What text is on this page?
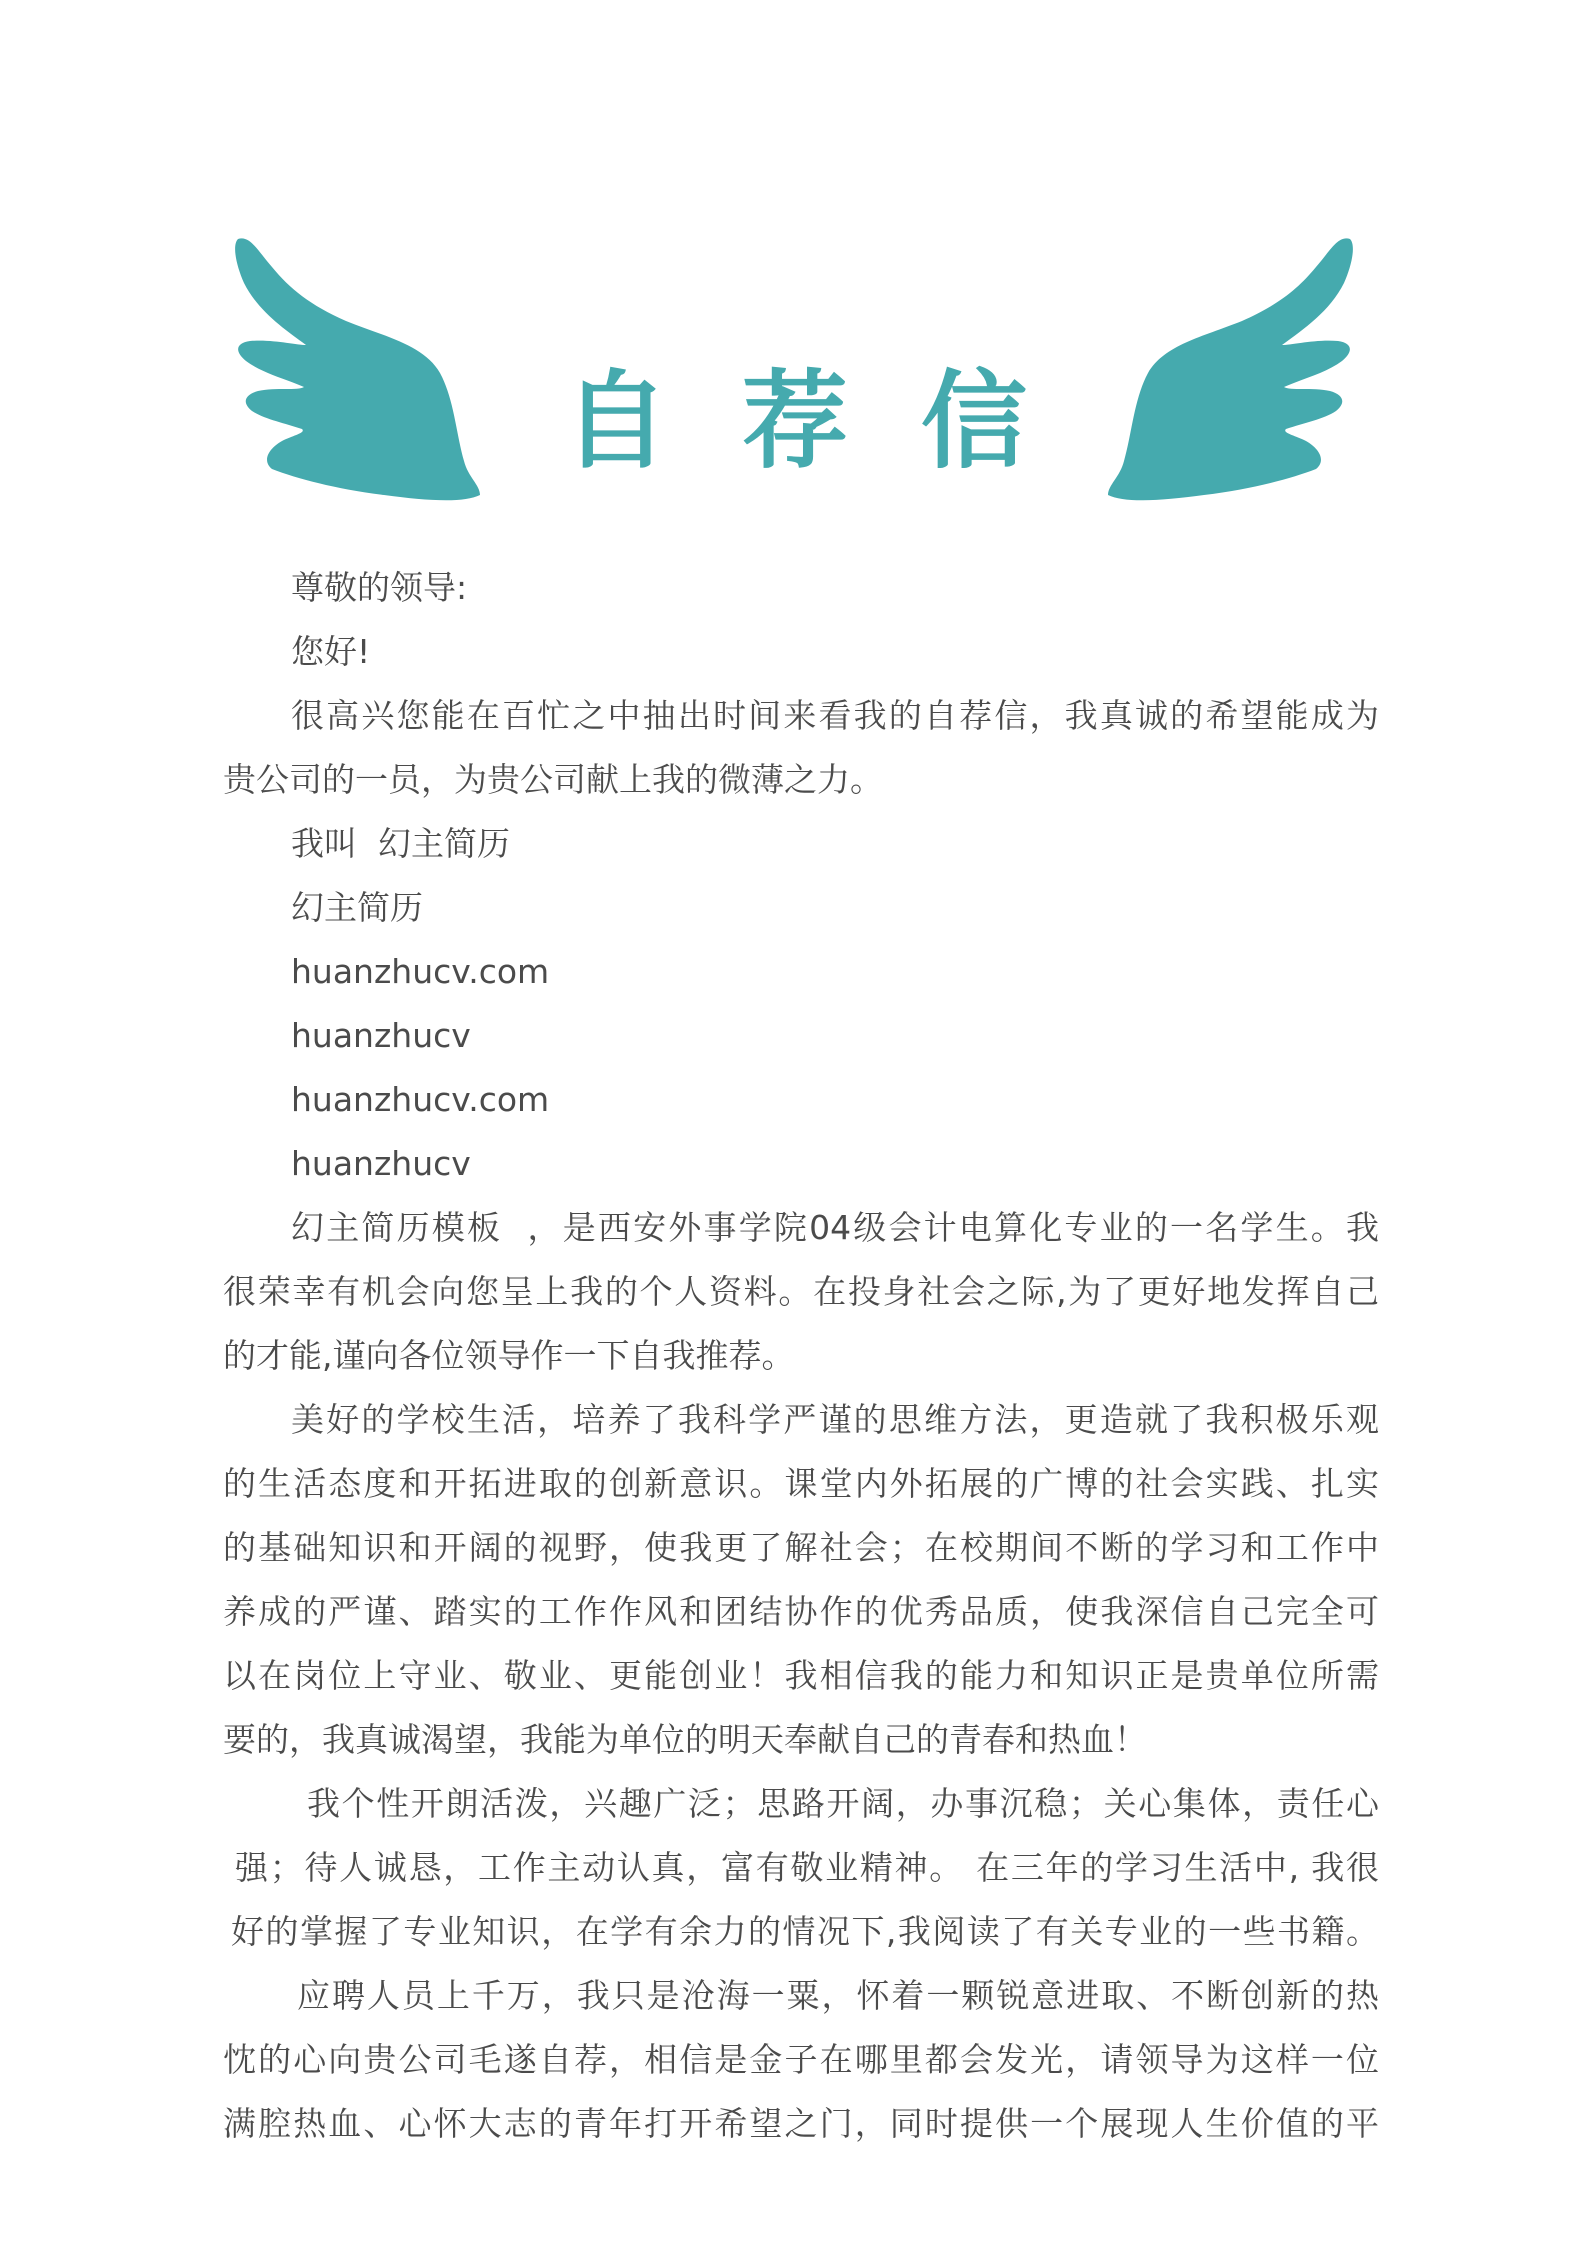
自 荐 信
尊敬的领导:
您好!
很高兴您能在百忙之中抽出时间来看我的自荐信，我真诚的希望能成为
贵公司的一员，为贵公司献上我的微薄之力。
我叫  幻主简历
幻主简历
huanzhucv.com
huanzhucv
huanzhucv.com
huanzhucv
幻主简历模板  ，是西安外事学院04级会计电算化专业的一名学生。我
很荣幸有机会向您呈上我的个人资料。在投身社会之际,为了更好地发挥自己
的才能,谨向各位领导作一下自我推荐。
美好的学校生活，培养了我科学严谨的思维方法，更造就了我积极乐观
的生活态度和开拓进取的创新意识。课堂内外拓展的广博的社会实践、扎实
的基础知识和开阔的视野，使我更了解社会；在校期间不断的学习和工作中
养成的严谨、踏实的工作作风和团结协作的优秀品质，使我深信自己完全可
以在岗位上守业、敬业、更能创业！我相信我的能力和知识正是贵单位所需
要的，我真诚渴望，我能为单位的明天奉献自己的青春和热血！
我个性开朗活泼，兴趣广泛；思路开阔，办事沉稳；关心集体，责任心
强；待人诚恳，工作主动认真，富有敬业精神。 在三年的学习生活中, 我很
好的掌握了专业知识，在学有余力的情况下,我阅读了有关专业的一些书籍。
应聘人员上千万，我只是沧海一粟，怀着一颗锐意进取、不断创新的热
忱的心向贵公司毛遂自荐，相信是金子在哪里都会发光，请领导为这样一位
满腔热血、心怀大志的青年打开希望之门，同时提供一个展现人生价值的平
